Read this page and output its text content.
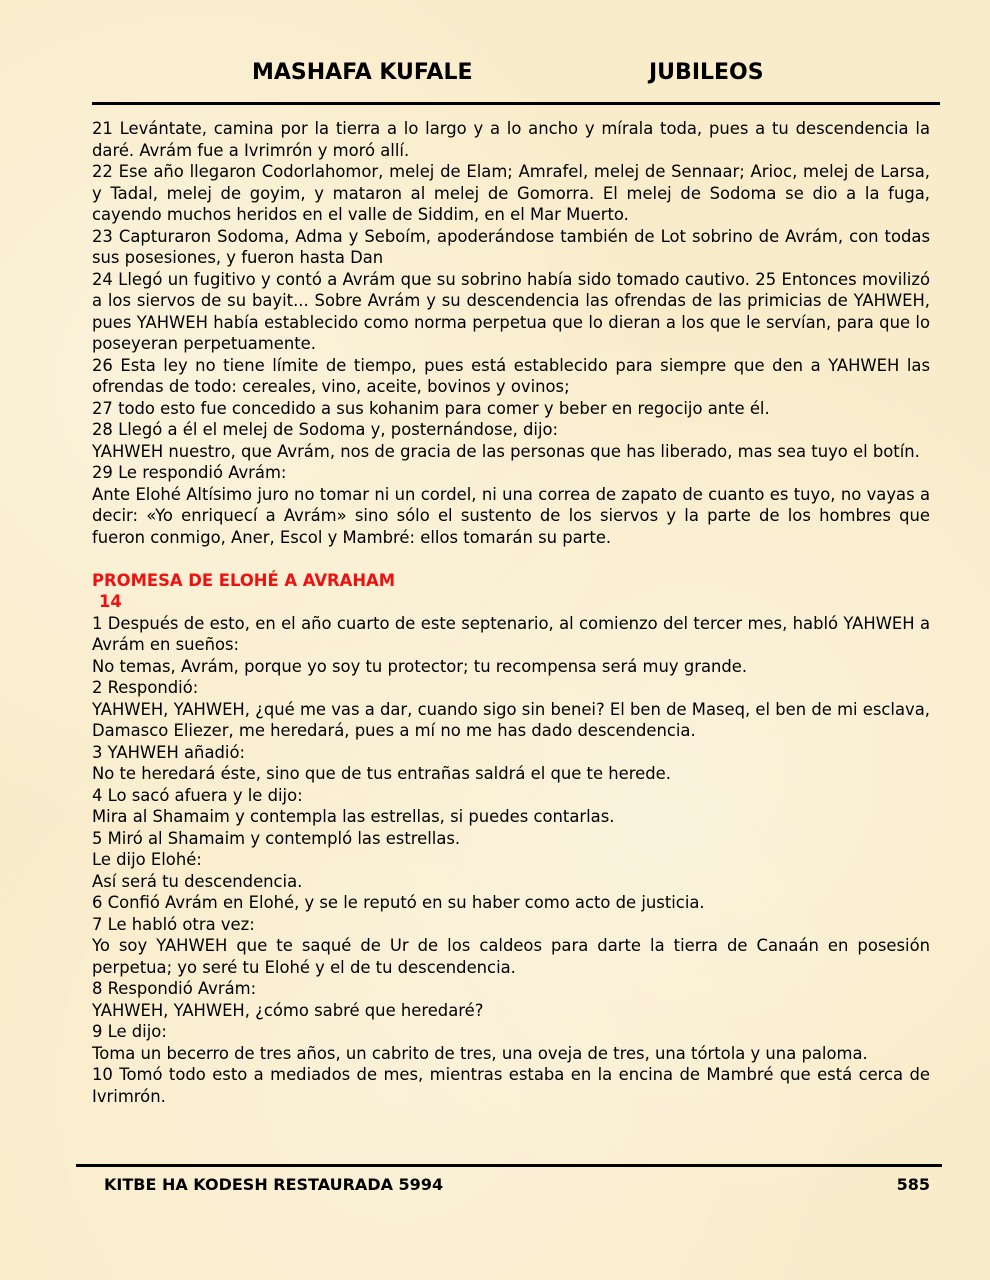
MASHAFA KUFALE	JUBILEOS

21 Levántate, camina por la tierra a lo largo y a lo ancho y mírala toda, pues a tu descendencia la daré. Avrám fue a Ivrimrón y moró allí.

22 Ese año llegaron Codorlahomor, melej de Elam; Amrafel, melej de Sennaar; Arioc, melej de Larsa, y Tadal, melej de goyim, y mataron al melej de Gomorra. El melej de Sodoma se dio a la fuga, cayendo muchos heridos en el valle de Siddim, en el Mar Muerto.

23 Capturaron Sodoma, Adma y Seboím, apoderándose también de Lot sobrino de Avrám, con todas sus posesiones, y fueron hasta Dan

24 Llegó un fugitivo y contó a Avrám que su sobrino había sido tomado cautivo. 25 Entonces movilizó a los siervos de su bayit... Sobre Avrám y su descendencia las ofrendas de las primicias de YAHWEH, pues YAHWEH había establecido como norma perpetua que lo dieran a los que le servían, para que lo poseyeran perpetuamente.

26 Esta ley no tiene límite de tiempo, pues está establecido para siempre que den a YAHWEH las ofrendas de todo: cereales, vino, aceite, bovinos y ovinos;

27 todo esto fue concedido a sus kohanim para comer y beber en regocijo ante él.

28 Llegó a él el melej de Sodoma y, posternándose, dijo:

YAHWEH nuestro, que Avrám, nos de gracia de las personas que has liberado, mas sea tuyo el botín.

29 Le respondió Avrám:

Ante Elohé Altísimo juro no tomar ni un cordel, ni una correa de zapato de cuanto es tuyo, no vayas a decir: «Yo enriquecí a Avrám» sino sólo el sustento de los siervos y la parte de los hombres que fueron conmigo, Aner, Escol y Mambré: ellos tomarán su parte.

PROMESA DE ELOHÉ A AVRAHAM

14

1 Después de esto, en el año cuarto de este septenario, al comienzo del tercer mes, habló YAHWEH a Avrám en sueños:

No temas, Avrám, porque yo soy tu protector; tu recompensa será muy grande.

2 Respondió:

YAHWEH, YAHWEH, ¿qué me vas a dar, cuando sigo sin benei? El ben de Maseq, el ben de mi esclava, Damasco Eliezer, me heredará, pues a mí no me has dado descendencia.

3 YAHWEH añadió:

No te heredará éste, sino que de tus entrañas saldrá el que te herede.

4 Lo sacó afuera y le dijo:

Mira al Shamaim y contempla las estrellas, si puedes contarlas.

5 Miró al Shamaim y contempló las estrellas.

Le dijo Elohé:

Así será tu descendencia.

6 Confió Avrám en Elohé, y se le reputó en su haber como acto de justicia.

7 Le habló otra vez:

Yo soy YAHWEH que te saqué de Ur de los caldeos para darte la tierra de Canaán en posesión perpetua; yo seré tu Elohé y el de tu descendencia.

8 Respondió Avrám:

YAHWEH, YAHWEH, ¿cómo sabré que heredaré?

9 Le dijo:

Toma un becerro de tres años, un cabrito de tres, una oveja de tres, una tórtola y una paloma.

10 Tomó todo esto a mediados de mes, mientras estaba en la encina de Mambré que está cerca de Ivrimrón.

KITBE HA KODESH RESTAURADA 5994	585
